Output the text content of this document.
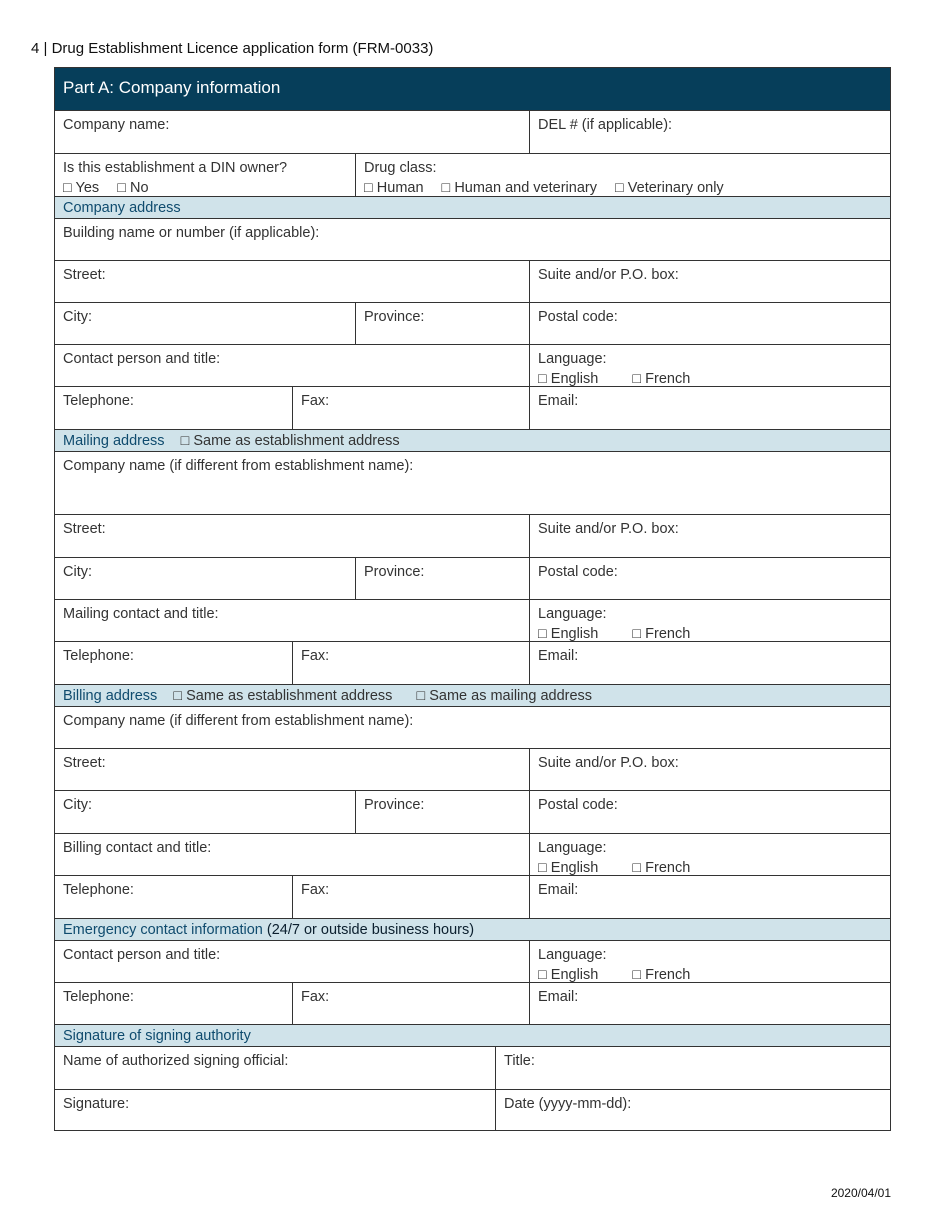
4 | Drug Establishment Licence application form (FRM-0033)
Part A: Company information
Company name:	DEL # (if applicable):
Is this establishment a DIN owner?
□ Yes □ No
Drug class:
□ Human □ Human and veterinary □ Veterinary only
Company address
Building name or number (if applicable):
Street:	Suite and/or P.O. box:
City:	Province:	Postal code:
Contact person and title:	Language:
□ English □ French
Telephone:	Fax:	Email:
Mailing address □ Same as establishment address
Company name (if different from establishment name):
Street:	Suite and/or P.O. box:
City:	Province:	Postal code:
Mailing contact and title:	Language:
□ English □ French
Telephone:	Fax:	Email:
Billing address □ Same as establishment address □ Same as mailing address
Company name (if different from establishment name):
Street:	Suite and/or P.O. box:
City:	Province:	Postal code:
Billing contact and title:	Language:
□ English □ French
Telephone:	Fax:	Email:
Emergency contact information (24/7 or outside business hours)
Contact person and title:	Language:
□ English □ French
Telephone:	Fax:	Email:
Signature of signing authority
Name of authorized signing official:	Title:
Signature:	Date (yyyy-mm-dd):
2020/04/01
